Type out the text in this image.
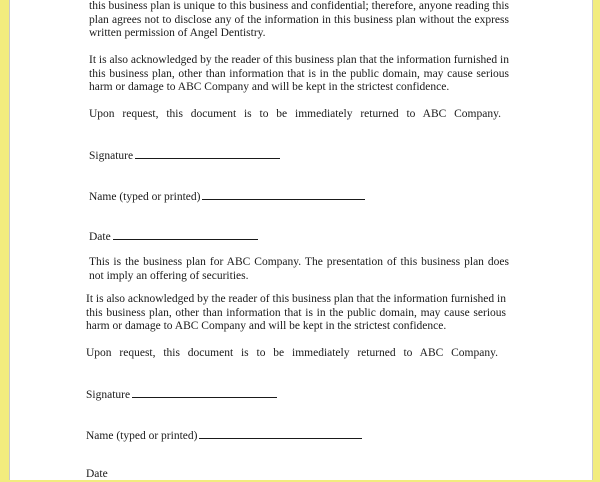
this business plan is unique to this business and confidential; therefore, anyone reading this plan agrees not to disclose any of the information in this business plan without the express written permission of Angel Dentistry.

It is also acknowledged by the reader of this business plan that the information furnished in this business plan, other than information that is in the public domain, may cause serious harm or damage to ABC Company and will be kept in the strictest confidence.

Upon request, this document is to be immediately returned to ABC Company.

Signature
Name (typed or printed)
Date

This is the business plan for ABC Company. The presentation of this business plan does not imply an offering of securities.

It is also acknowledged by the reader of this business plan that the information furnished in this business plan, other than information that is in the public domain, may cause serious harm or damage to ABC Company and will be kept in the strictest confidence.

Upon request, this document is to be immediately returned to ABC Company.

Signature
Name (typed or printed)
Date
